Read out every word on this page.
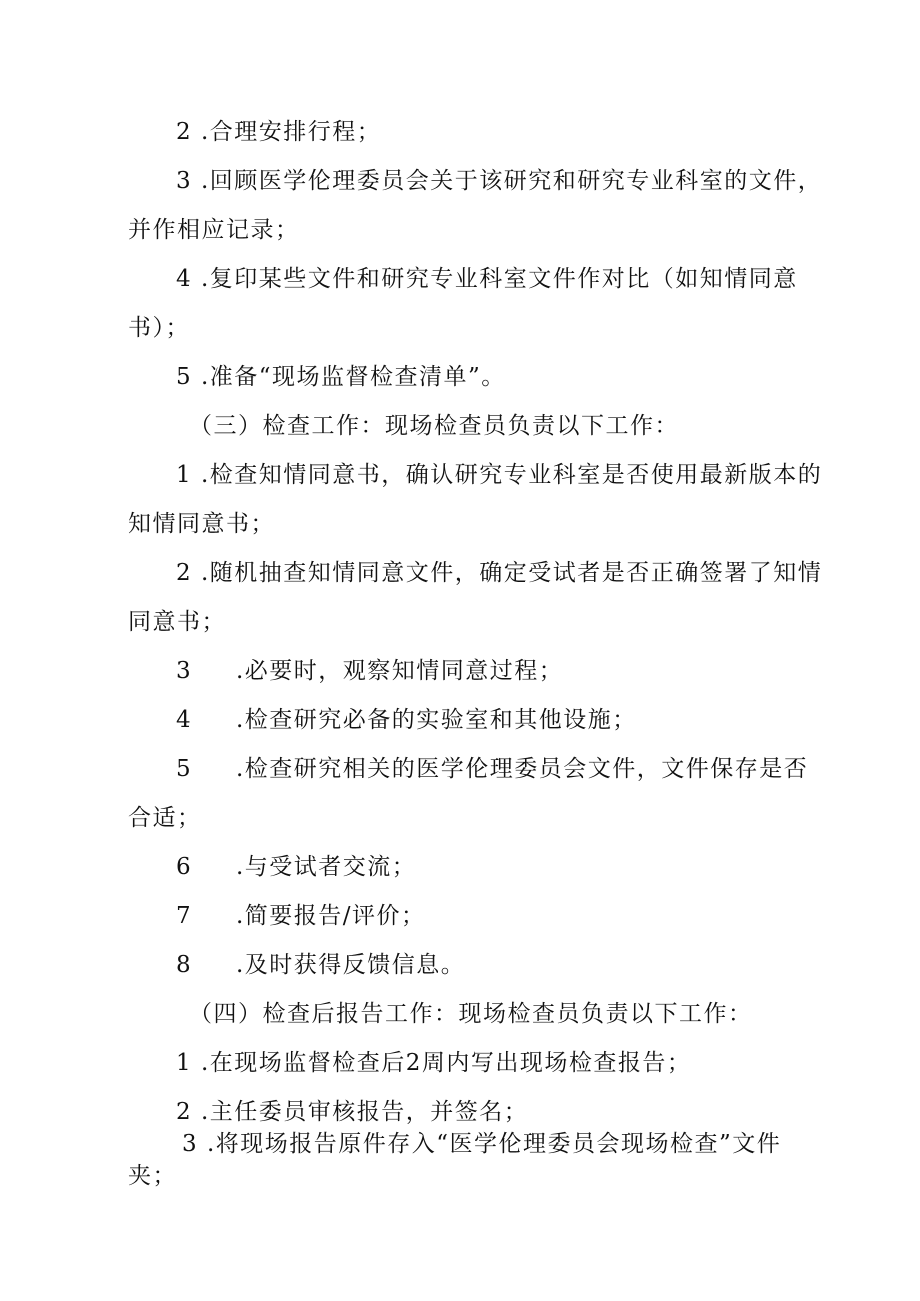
2 .合理安排行程；

3 .回顾医学伦理委员会关于该研究和研究专业科室的文件，

并作相应记录；

4 .复印某些文件和研究专业科室文件作对比（如知情同意

书）；

5 .准备“现场监督检查清单”。

（三）检查工作：现场检查员负责以下工作：

1 .检查知情同意书，确认研究专业科室是否使用最新版本的

知情同意书；

2 .随机抽查知情同意文件，确定受试者是否正确签署了知情

同意书；

3 .必要时，观察知情同意过程；

4 .检查研究必备的实验室和其他设施；

5 .检查研究相关的医学伦理委员会文件，文件保存是否

合适；

6 .与受试者交流；

7 .简要报告/评价；

8 .及时获得反馈信息。

（四）检查后报告工作：现场检查员负责以下工作：

1 .在现场监督检查后2周内写出现场检查报告；

2 .主任委员审核报告，并签名；

3 .将现场报告原件存入“医学伦理委员会现场检查”文件

夹；
